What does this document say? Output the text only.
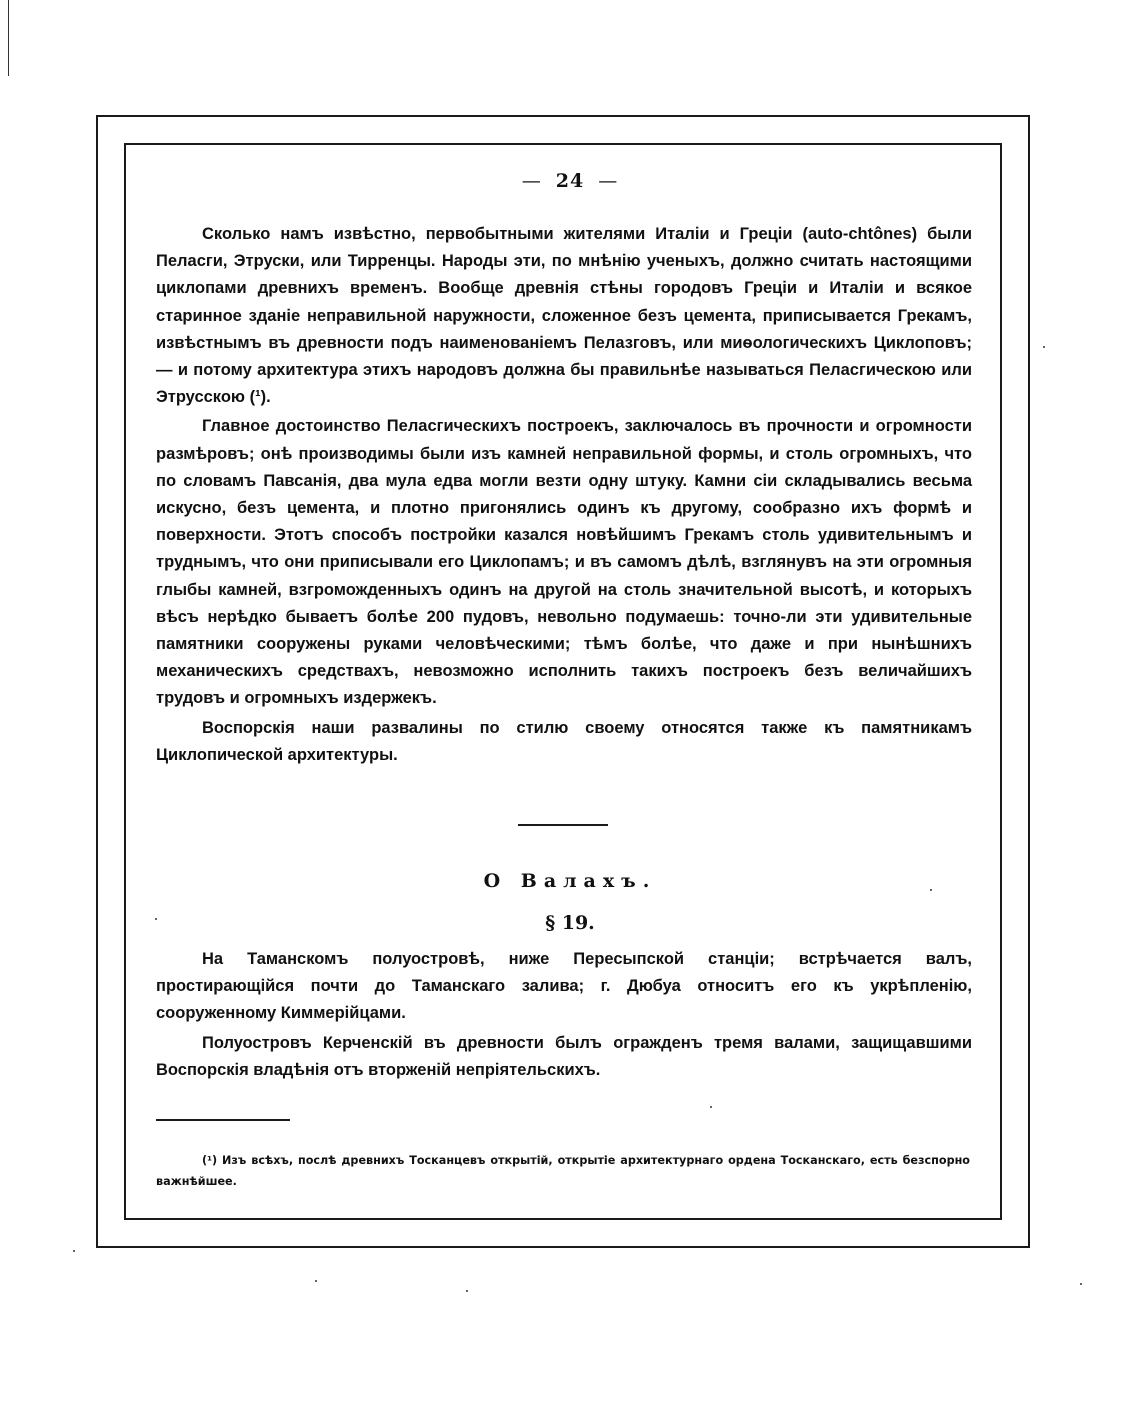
— 24 —

Сколько намъ извѣстно, первобытными жителями Италіи и Греціи (auto-chtônes) были Пеласги, Этруски, или Тиррeнцы. Народы эти, по мнѣнію ученыхъ, должно считать настоящими циклопами древнихъ временъ. Вообще древнія стѣны городовъ Греціи и Италіи и всякое старинное зданіе неправильной наружности, сложенное безъ цемента, приписывается Грекамъ, извѣстнымъ въ древности подъ наименованіемъ Пелазговъ, или миѳологическихъ Циклоповъ; — и потому архитектура этихъ народовъ должна бы правильнѣе называться Пеласгическою или Этрусскою (¹).

Главное достоинство Пеласгическихъ построекъ, заключалось въ прочности и огромности размѣровъ; онѣ производимы были изъ камней неправильной формы, и столь огромныхъ, что по словамъ Павсанія, два мула едва могли везти одну штуку. Камни сіи складывались весьма искусно, безъ цемента, и плотно пригонялись одинъ къ другому, сообразно ихъ формѣ и поверхности. Этотъ способъ постройки казался новѣйшимъ Грекамъ столь удивительнымъ и труднымъ, что они приписывали его Циклопамъ; и въ самомъ дѣлѣ, взглянувъ на эти огромныя глыбы камней, взгроможденныхъ одинъ на другой на столь значительной высотѣ, и которыхъ вѣсъ нерѣдко бываетъ болѣе 200 пудовъ, невольно подумаешь: точно-ли эти удивительные памятники сооружены руками человѣческими; тѣмъ болѣе, что даже и при нынѣшнихъ механическихъ средствахъ, невозможно исполнить такихъ построекъ безъ величайшихъ трудовъ и огромныхъ издержекъ.

Воспорскія наши развалины по стилю своему относятся также къ памятникамъ Циклопической архитектуры.

О Валахъ.
§ 19.

На Таманскомъ полуостровѣ, ниже Пересыпской станціи; встрѣчается валъ, простирающійся почти до Таманскаго залива; г. Дюбуа относитъ его къ укрѣпленію, сооруженному Киммерійцами.

Полуостровъ Керченскій въ древности былъ огражденъ тремя валами, защищавшими Воспорскія владѣнія отъ вторженій непріятельскихъ.

(¹) Изъ всѣхъ, послѣ древнихъ Тосканцевъ открытій, открытіе архитектурнаго ордена Тосканскаго, есть безспорно важнѣйшее.
